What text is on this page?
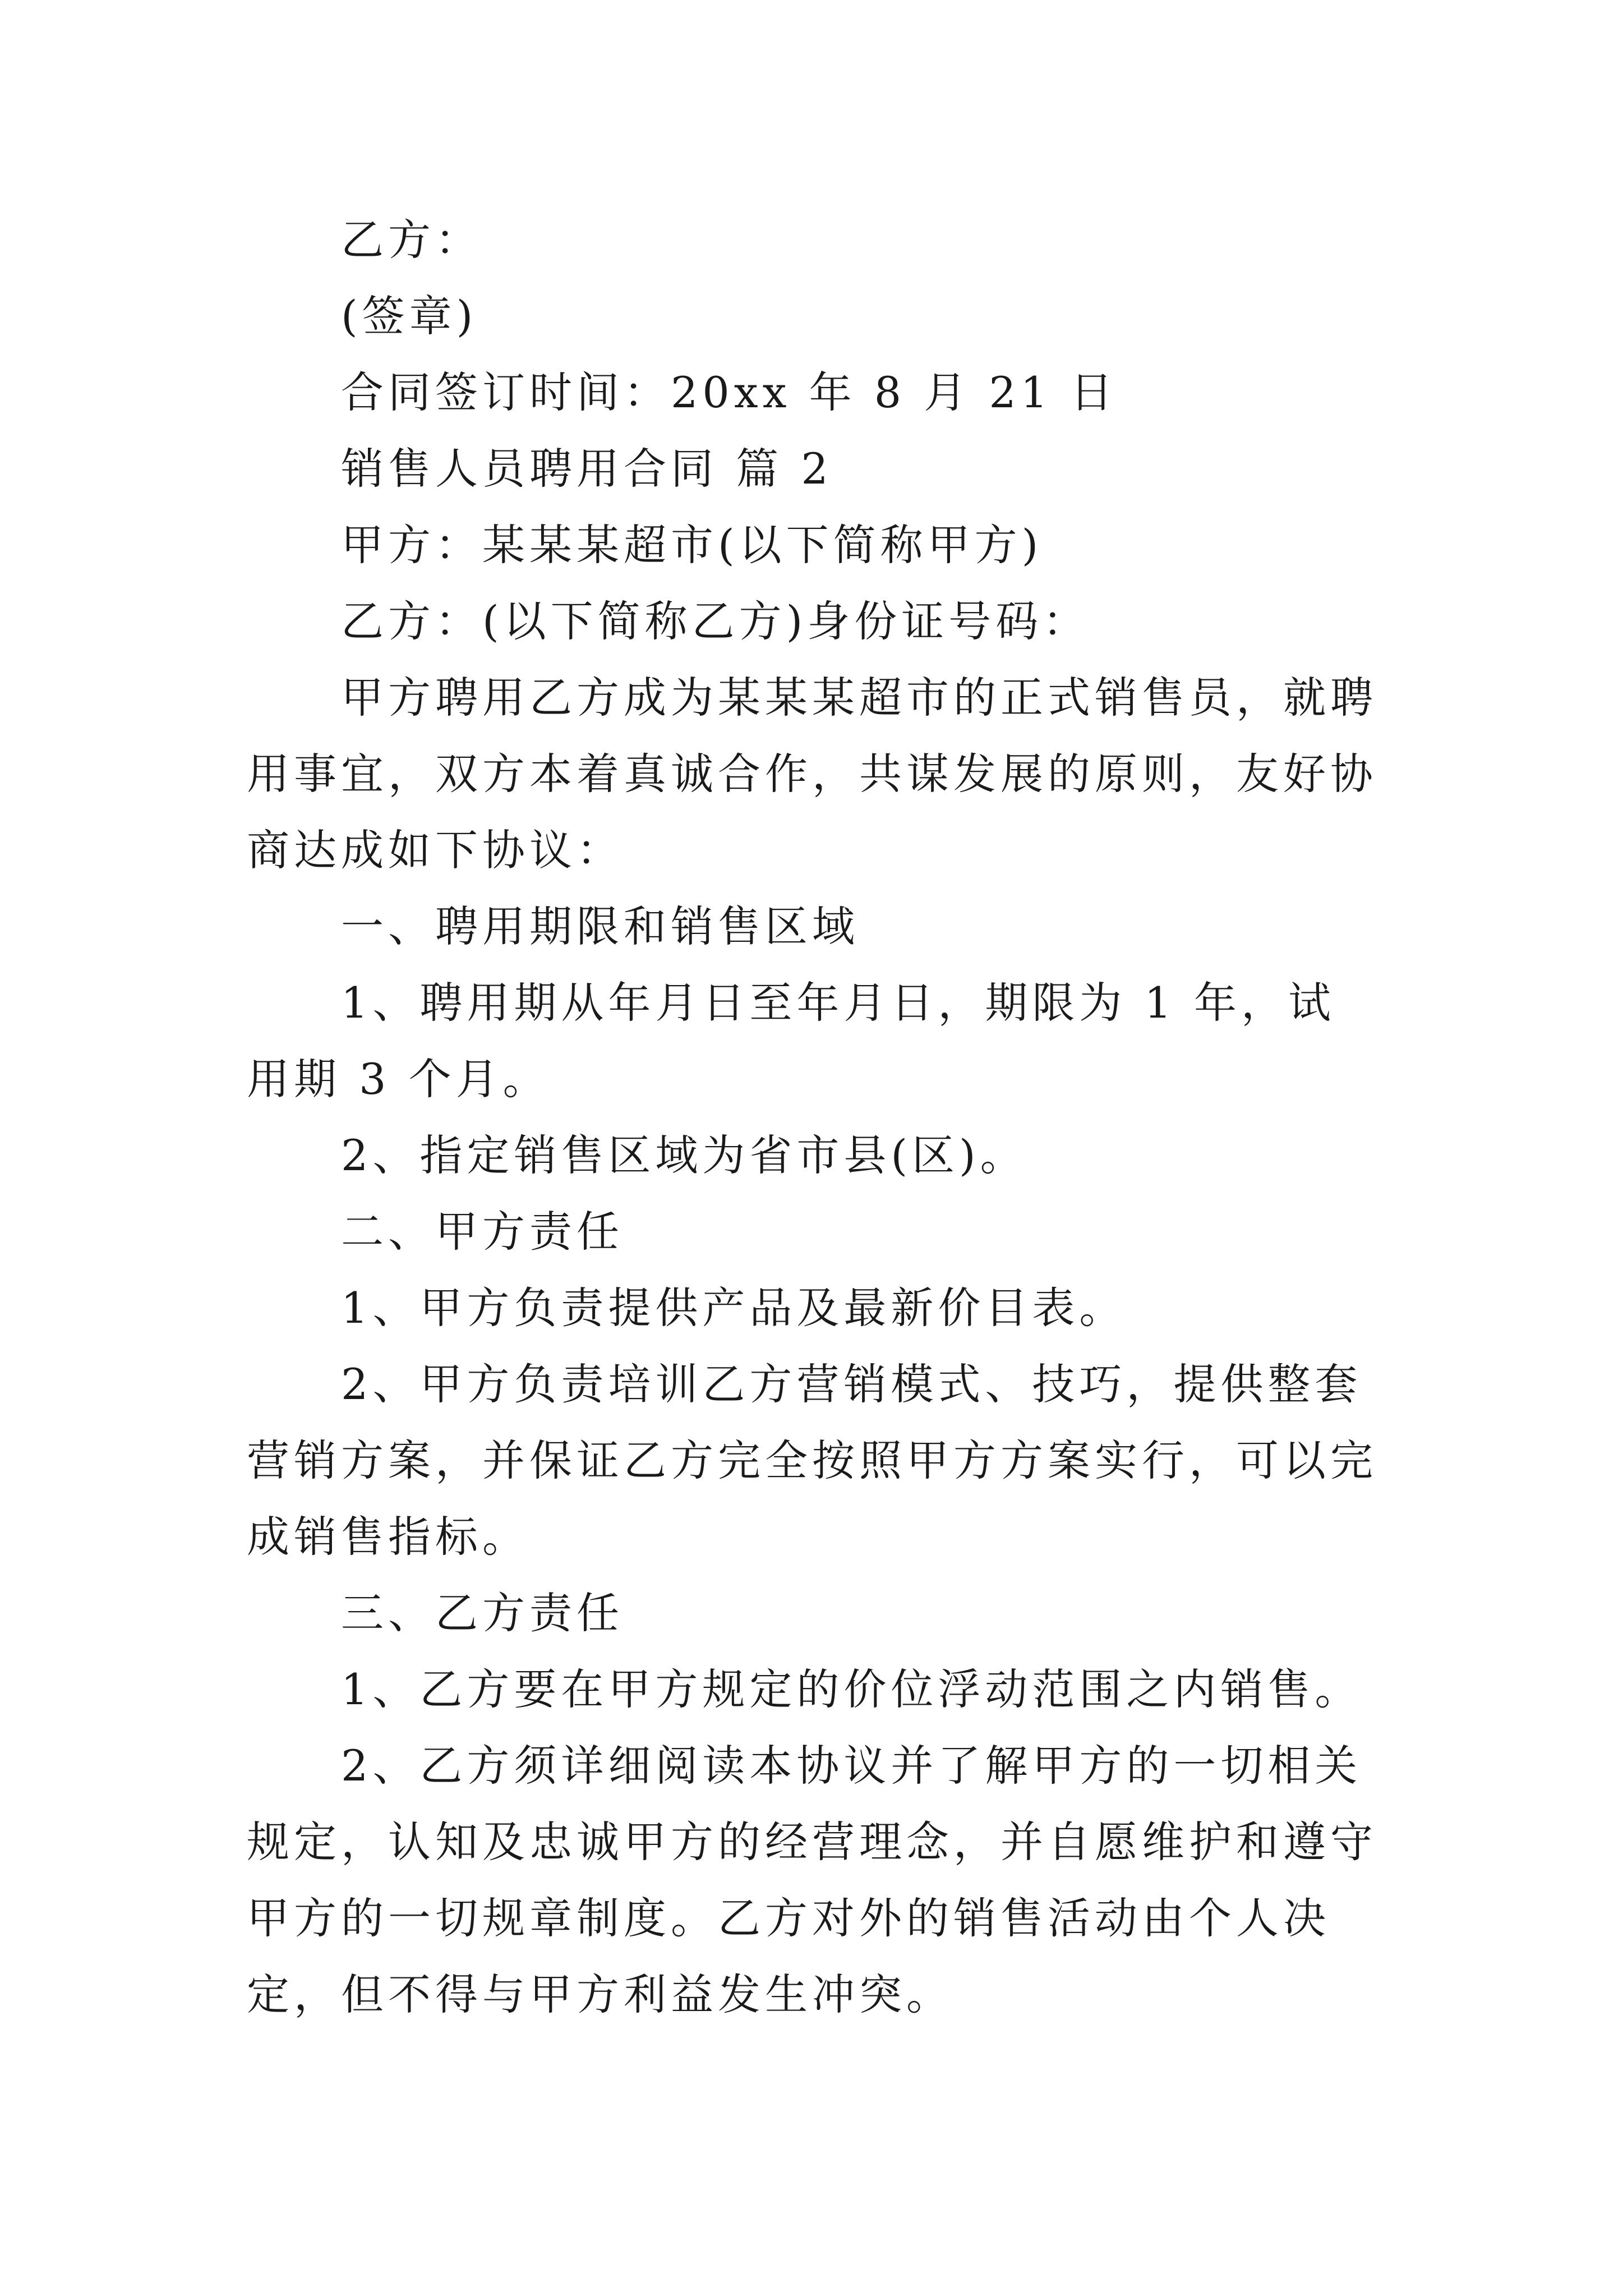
乙方：

(签章)

合同签订时间：20xx 年 8 月 21 日

销售人员聘用合同 篇 2

甲方：某某某超市(以下简称甲方)

乙方：(以下简称乙方)身份证号码：

甲方聘用乙方成为某某某超市的正式销售员，就聘用事宜，双方本着真诚合作，共谋发展的原则，友好协商达成如下协议：

一、聘用期限和销售区域

1、聘用期从年月日至年月日，期限为 1 年，试用期 3 个月。

2、指定销售区域为省市县(区)。

二、甲方责任

1、甲方负责提供产品及最新价目表。

2、甲方负责培训乙方营销模式、技巧，提供整套营销方案，并保证乙方完全按照甲方方案实行，可以完成销售指标。

三、乙方责任

1、乙方要在甲方规定的价位浮动范围之内销售。

2、乙方须详细阅读本协议并了解甲方的一切相关规定，认知及忠诚甲方的经营理念，并自愿维护和遵守甲方的一切规章制度。乙方对外的销售活动由个人决定，但不得与甲方利益发生冲突。
